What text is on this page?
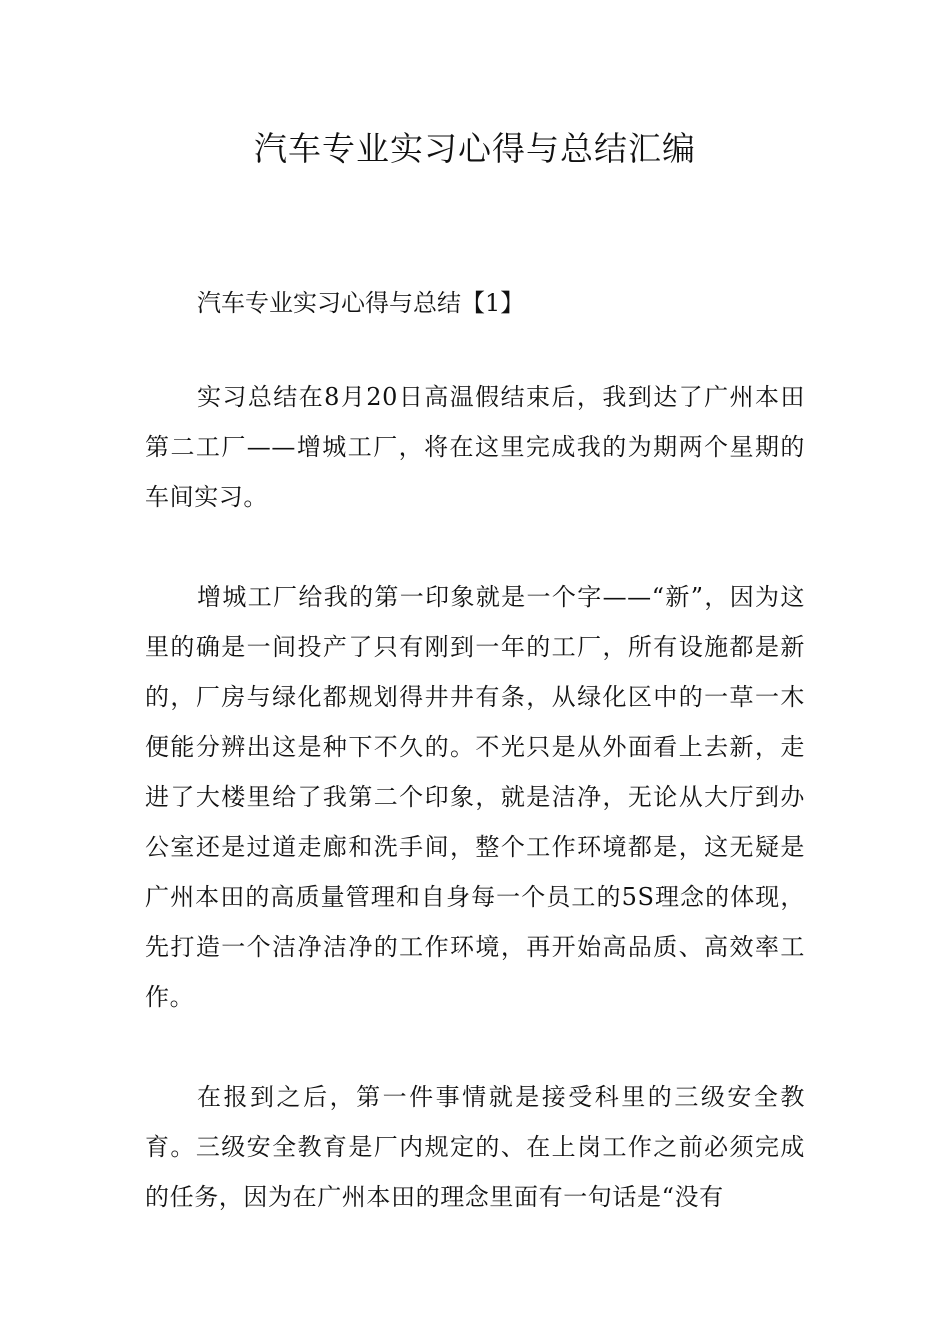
汽车专业实习心得与总结汇编

汽车专业实习心得与总结【1】

实习总结在8月20日高温假结束后，我到达了广州本田第二工厂——增城工厂，将在这里完成我的为期两个星期的车间实习。

增城工厂给我的第一印象就是一个字——“新”，因为这里的确是一间投产了只有刚到一年的工厂，所有设施都是新的，厂房与绿化都规划得井井有条，从绿化区中的一草一木便能分辨出这是种下不久的。不光只是从外面看上去新，走进了大楼里给了我第二个印象，就是洁净，无论从大厅到办公室还是过道走廊和洗手间，整个工作环境都是，这无疑是广州本田的高质量管理和自身每一个员工的5S理念的体现，先打造一个洁净洁净的工作环境，再开始高品质、高效率工作。

在报到之后，第一件事情就是接受科里的三级安全教育。三级安全教育是厂内规定的、在上岗工作之前必须完成的任务，因为在广州本田的理念里面有一句话是“没有
